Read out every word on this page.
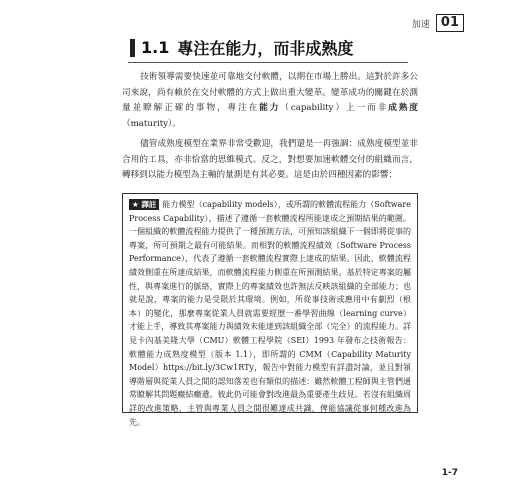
加速 01
1.1 專注在能力，而非成熟度

技術領導需要快速並可靠地交付軟體，以期在市場上勝出。這對於許多公司來說，尚有賴於在交付軟體的方式上做出重大變革。變革成功的關鍵在於測量並瞭解正確的事物，專注在能力（capability）上一而非成熟度（maturity）。

儘管成熟度模型在業界非常受歡迎，我們還是一再強調：成熟度模型並非合用的工具，亦非恰當的思維模式。反之，對想要加速軟體交付的組織而言，轉移到以能力模型為主軸的量測是有其必要。這是由於四種因素的影響：

★ 譯註 能力模型（capability models），或所謂的軟體流程能力（Software Process Capability），描述了遵循一套軟體流程所能達成之預期結果的範圍。一個組織的軟體流程能力提供了一種預測方法，可預知該組織下一個即將從事的專案，所可預期之最有可能結果。而相對的軟體流程績效（Software Process Performance），代表了遵循一套軟體流程實際上達成的結果。因此，軟體流程績效側重在所達成結果，而軟體流程能力側重在所預測結果。基於特定專案的屬性，與專案進行的脈絡，實際上的專案績效也許無法反映該組織的全部能力；也就是說，專案的能力是受限於其環境。例如，所從事技術或應用中有劇烈（根本）的變化，那麼專案從業人員就需要經歷一番學習曲線（learning curve）才能上手，導致其專案能力與績效未能達到該組織全部（完全）的流程能力。詳見卡內基美隆大學（CMU）軟體工程學院（SEI）1993 年發布之技術報告：軟體能力成熟度模型（版本 1.1），即所謂的 CMM（Capability Maturity Model）https://bit.ly/3Cw1RTy，報告中對能力模型有詳盡討論，並且對領導階層與從業人員之間的認知落差也有類似的描述：雖然軟體工程師與主管們通常瞭解其問題癥結癥遺。彼此仍可能會對改進最為重要產生歧見。若沒有組織周詳的改進策略，主管與專業人員之間很難達成共識，俾能協議從事何種改進為先。
1-7
